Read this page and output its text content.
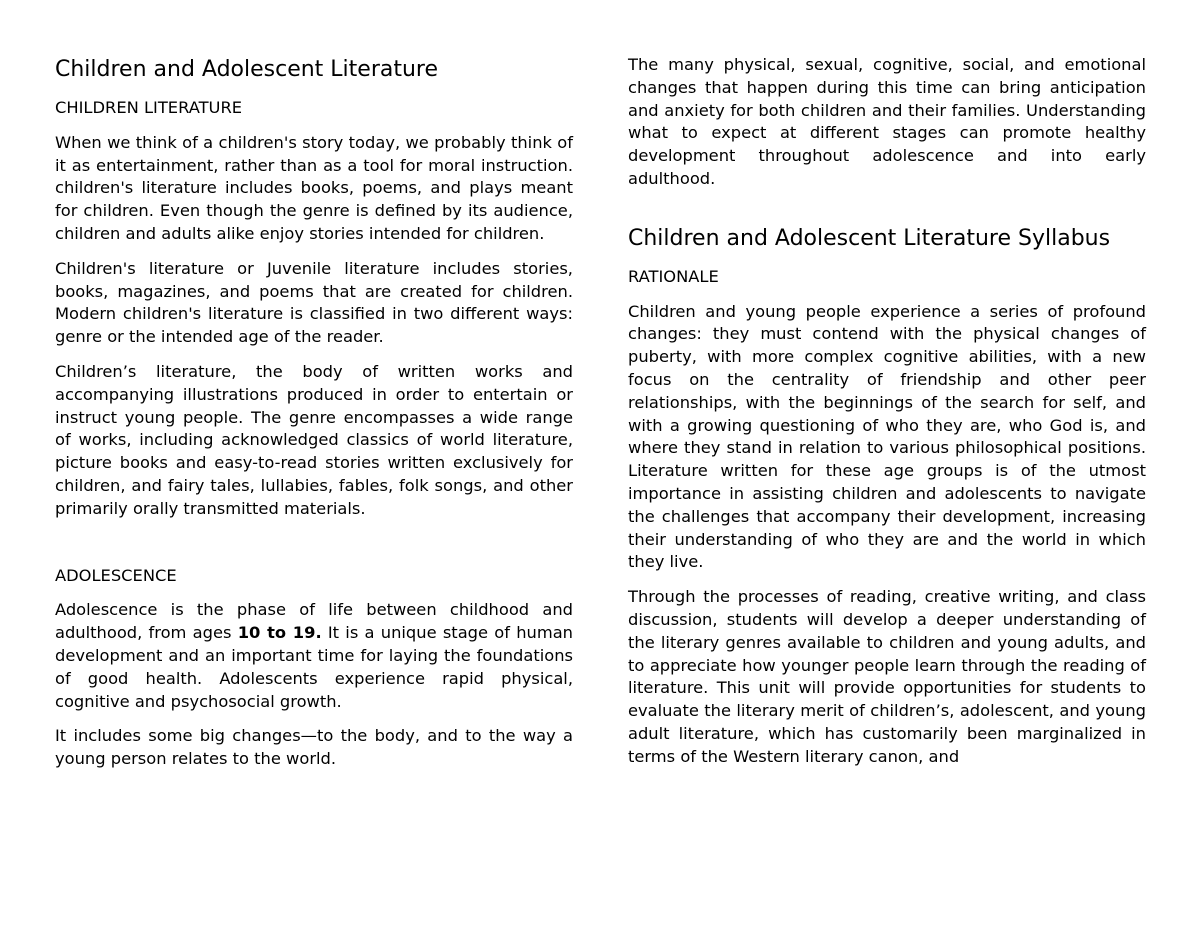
Children and Adolescent Literature
CHILDREN LITERATURE

When we think of a children's story today, we probably think of it as entertainment, rather than as a tool for moral instruction. children's literature includes books, poems, and plays meant for children. Even though the genre is defined by its audience, children and adults alike enjoy stories intended for children.

Children's literature or Juvenile literature includes stories, books, magazines, and poems that are created for children. Modern children's literature is classified in two different ways: genre or the intended age of the reader.

Children’s literature, the body of written works and accompanying illustrations produced in order to entertain or instruct young people. The genre encompasses a wide range of works, including acknowledged classics of world literature, picture books and easy-to-read stories written exclusively for children, and fairy tales, lullabies, fables, folk songs, and other primarily orally transmitted materials.

ADOLESCENCE

Adolescence is the phase of life between childhood and adulthood, from ages 10 to 19. It is a unique stage of human development and an important time for laying the foundations of good health. Adolescents experience rapid physical, cognitive and psychosocial growth.

It includes some big changes—to the body, and to the way a young person relates to the world.

The many physical, sexual, cognitive, social, and emotional changes that happen during this time can bring anticipation and anxiety for both children and their families. Understanding what to expect at different stages can promote healthy development throughout adolescence and into early adulthood.

Children and Adolescent Literature Syllabus
RATIONALE

Children and young people experience a series of profound changes: they must contend with the physical changes of puberty, with more complex cognitive abilities, with a new focus on the centrality of friendship and other peer relationships, with the beginnings of the search for self, and with a growing questioning of who they are, who God is, and where they stand in relation to various philosophical positions. Literature written for these age groups is of the utmost importance in assisting children and adolescents to navigate the challenges that accompany their development, increasing their understanding of who they are and the world in which they live.

Through the processes of reading, creative writing, and class discussion, students will develop a deeper understanding of the literary genres available to children and young adults, and to appreciate how younger people learn through the reading of literature. This unit will provide opportunities for students to evaluate the literary merit of children’s, adolescent, and young adult literature, which has customarily been marginalized in terms of the Western literary canon, and
